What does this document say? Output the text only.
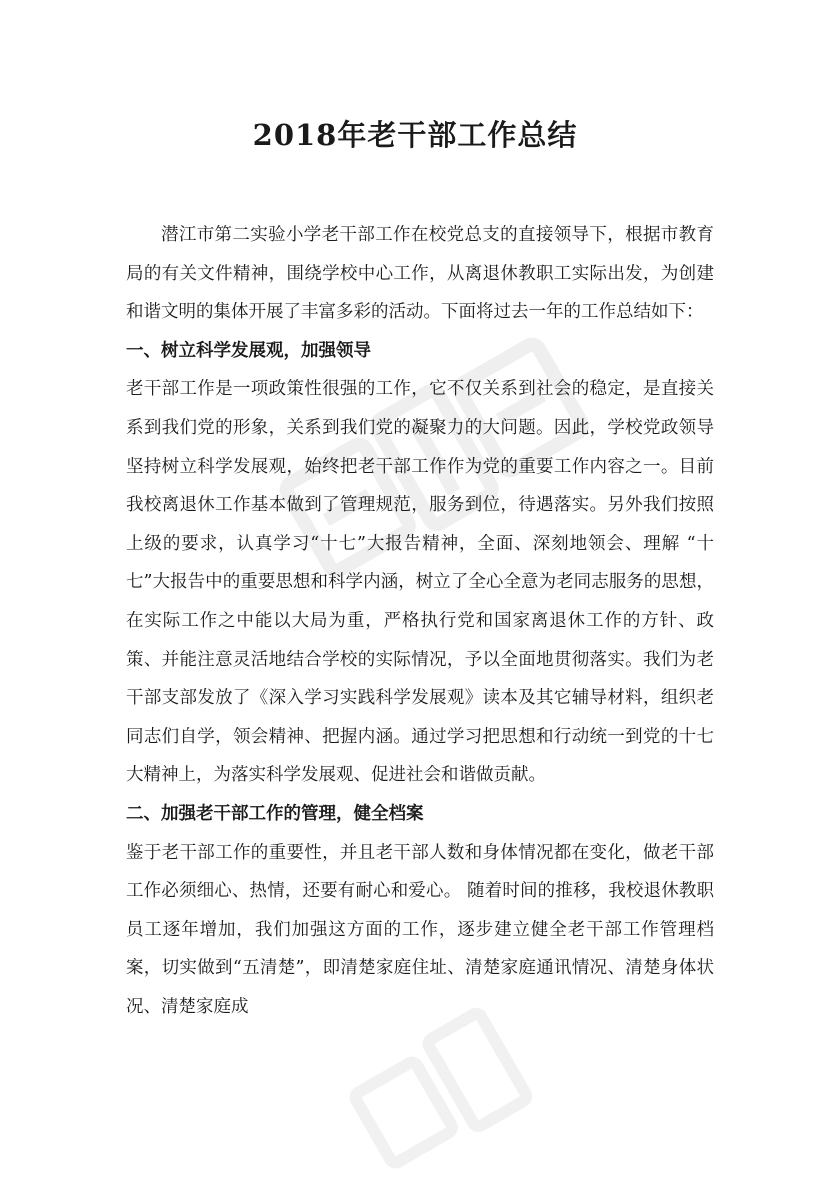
2018年老干部工作总结

潜江市第二实验小学老干部工作在校党总支的直接领导下，根据市教育局的有关文件精神，围绕学校中心工作，从离退休教职工实际出发，为创建和谐文明的集体开展了丰富多彩的活动。下面将过去一年的工作总结如下：

一、树立科学发展观，加强领导

老干部工作是一项政策性很强的工作，它不仅关系到社会的稳定，是直接关系到我们党的形象，关系到我们党的凝聚力的大问题。因此，学校党政领导坚持树立科学发展观，始终把老干部工作作为党的重要工作内容之一。目前我校离退休工作基本做到了管理规范，服务到位，待遇落实。另外我们按照上级的要求，认真学习“十七”大报告精神，全面、深刻地领会、理解 “十七”大报告中的重要思想和科学内涵，树立了全心全意为老同志服务的思想，在实际工作之中能以大局为重，严格执行党和国家离退休工作的方针、政策、并能注意灵活地结合学校的实际情况，予以全面地贯彻落实。我们为老干部支部发放了《深入学习实践科学发展观》读本及其它辅导材料，组织老同志们自学，领会精神、把握内涵。通过学习把思想和行动统一到党的十七大精神上，为落实科学发展观、促进社会和谐做贡献。

二、加强老干部工作的管理，健全档案

鉴于老干部工作的重要性，并且老干部人数和身体情况都在变化，做老干部工作必须细心、热情，还要有耐心和爱心。 随着时间的推移，我校退休教职员工逐年增加，我们加强这方面的工作，逐步建立健全老干部工作管理档案，切实做到“五清楚”，即清楚家庭住址、清楚家庭通讯情况、清楚身体状况、清楚家庭成
